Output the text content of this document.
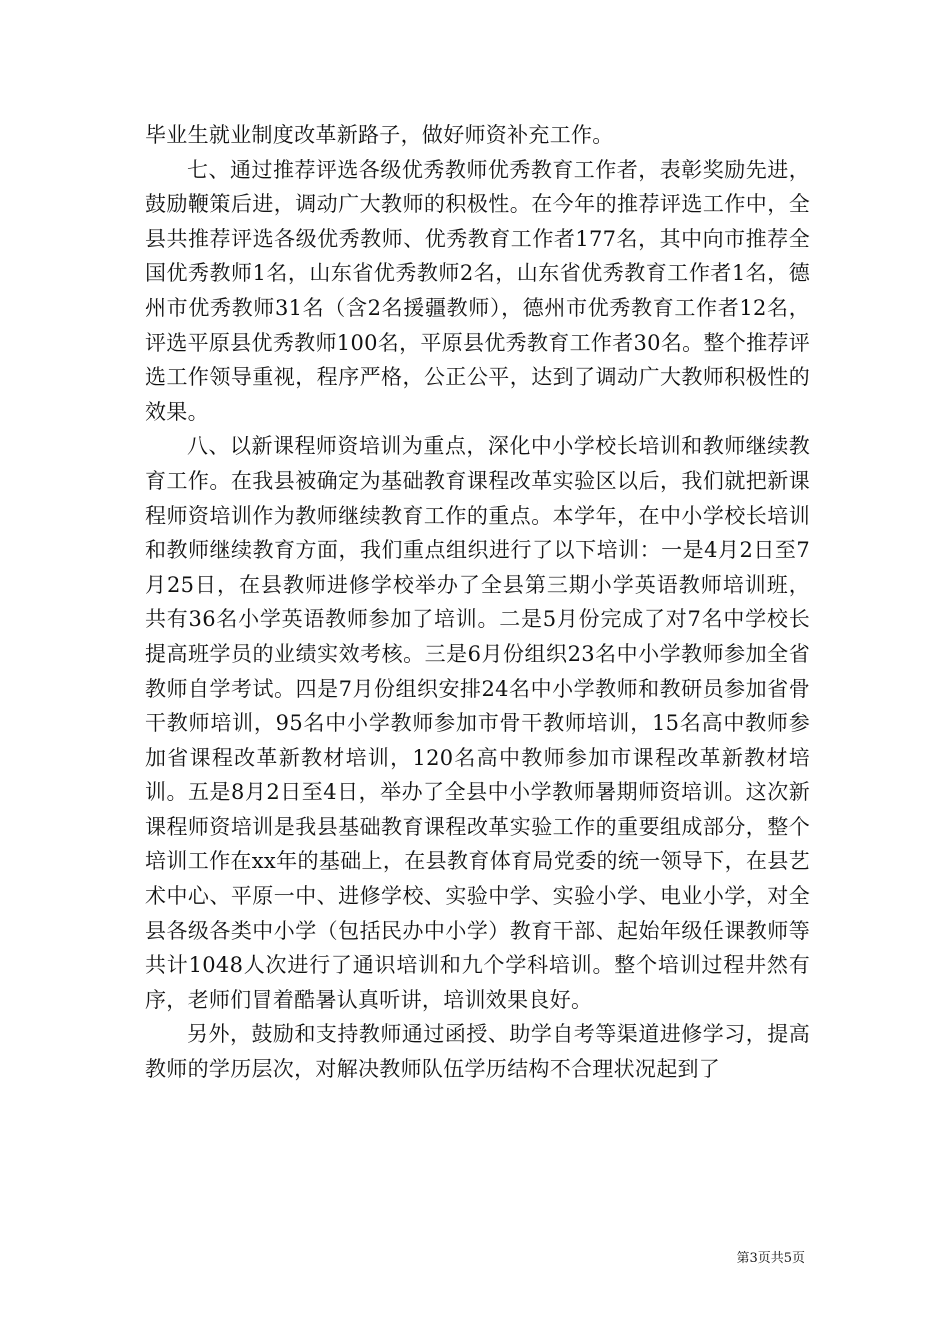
毕业生就业制度改革新路子，做好师资补充工作。

七、通过推荐评选各级优秀教师优秀教育工作者，表彰奖励先进，鼓励鞭策后进，调动广大教师的积极性。在今年的推荐评选工作中，全县共推荐评选各级优秀教师、优秀教育工作者177名，其中向市推荐全国优秀教师1名，山东省优秀教师2名，山东省优秀教育工作者1名，德州市优秀教师31名（含2名援疆教师），德州市优秀教育工作者12名，评选平原县优秀教师100名，平原县优秀教育工作者30名。整个推荐评选工作领导重视，程序严格，公正公平，达到了调动广大教师积极性的效果。

八、以新课程师资培训为重点，深化中小学校长培训和教师继续教育工作。在我县被确定为基础教育课程改革实验区以后，我们就把新课程师资培训作为教师继续教育工作的重点。本学年，在中小学校长培训和教师继续教育方面，我们重点组织进行了以下培训：一是4月2日至7月25日，在县教师进修学校举办了全县第三期小学英语教师培训班，共有36名小学英语教师参加了培训。二是5月份完成了对7名中学校长提高班学员的业绩实效考核。三是6月份组织23名中小学教师参加全省教师自学考试。四是7月份组织安排24名中小学教师和教研员参加省骨干教师培训，95名中小学教师参加市骨干教师培训，15名高中教师参加省课程改革新教材培训，120名高中教师参加市课程改革新教材培训。五是8月2日至4日，举办了全县中小学教师暑期师资培训。这次新课程师资培训是我县基础教育课程改革实验工作的重要组成部分，整个培训工作在xx年的基础上，在县教育体育局党委的统一领导下，在县艺术中心、平原一中、进修学校、实验中学、实验小学、电业小学，对全县各级各类中小学（包括民办中小学）教育干部、起始年级任课教师等共计1048人次进行了通识培训和九个学科培训。整个培训过程井然有序，老师们冒着酷暑认真听讲，培训效果良好。

另外，鼓励和支持教师通过函授、助学自考等渠道进修学习，提高教师的学历层次，对解决教师队伍学历结构不合理状况起到了

第3页共5页
